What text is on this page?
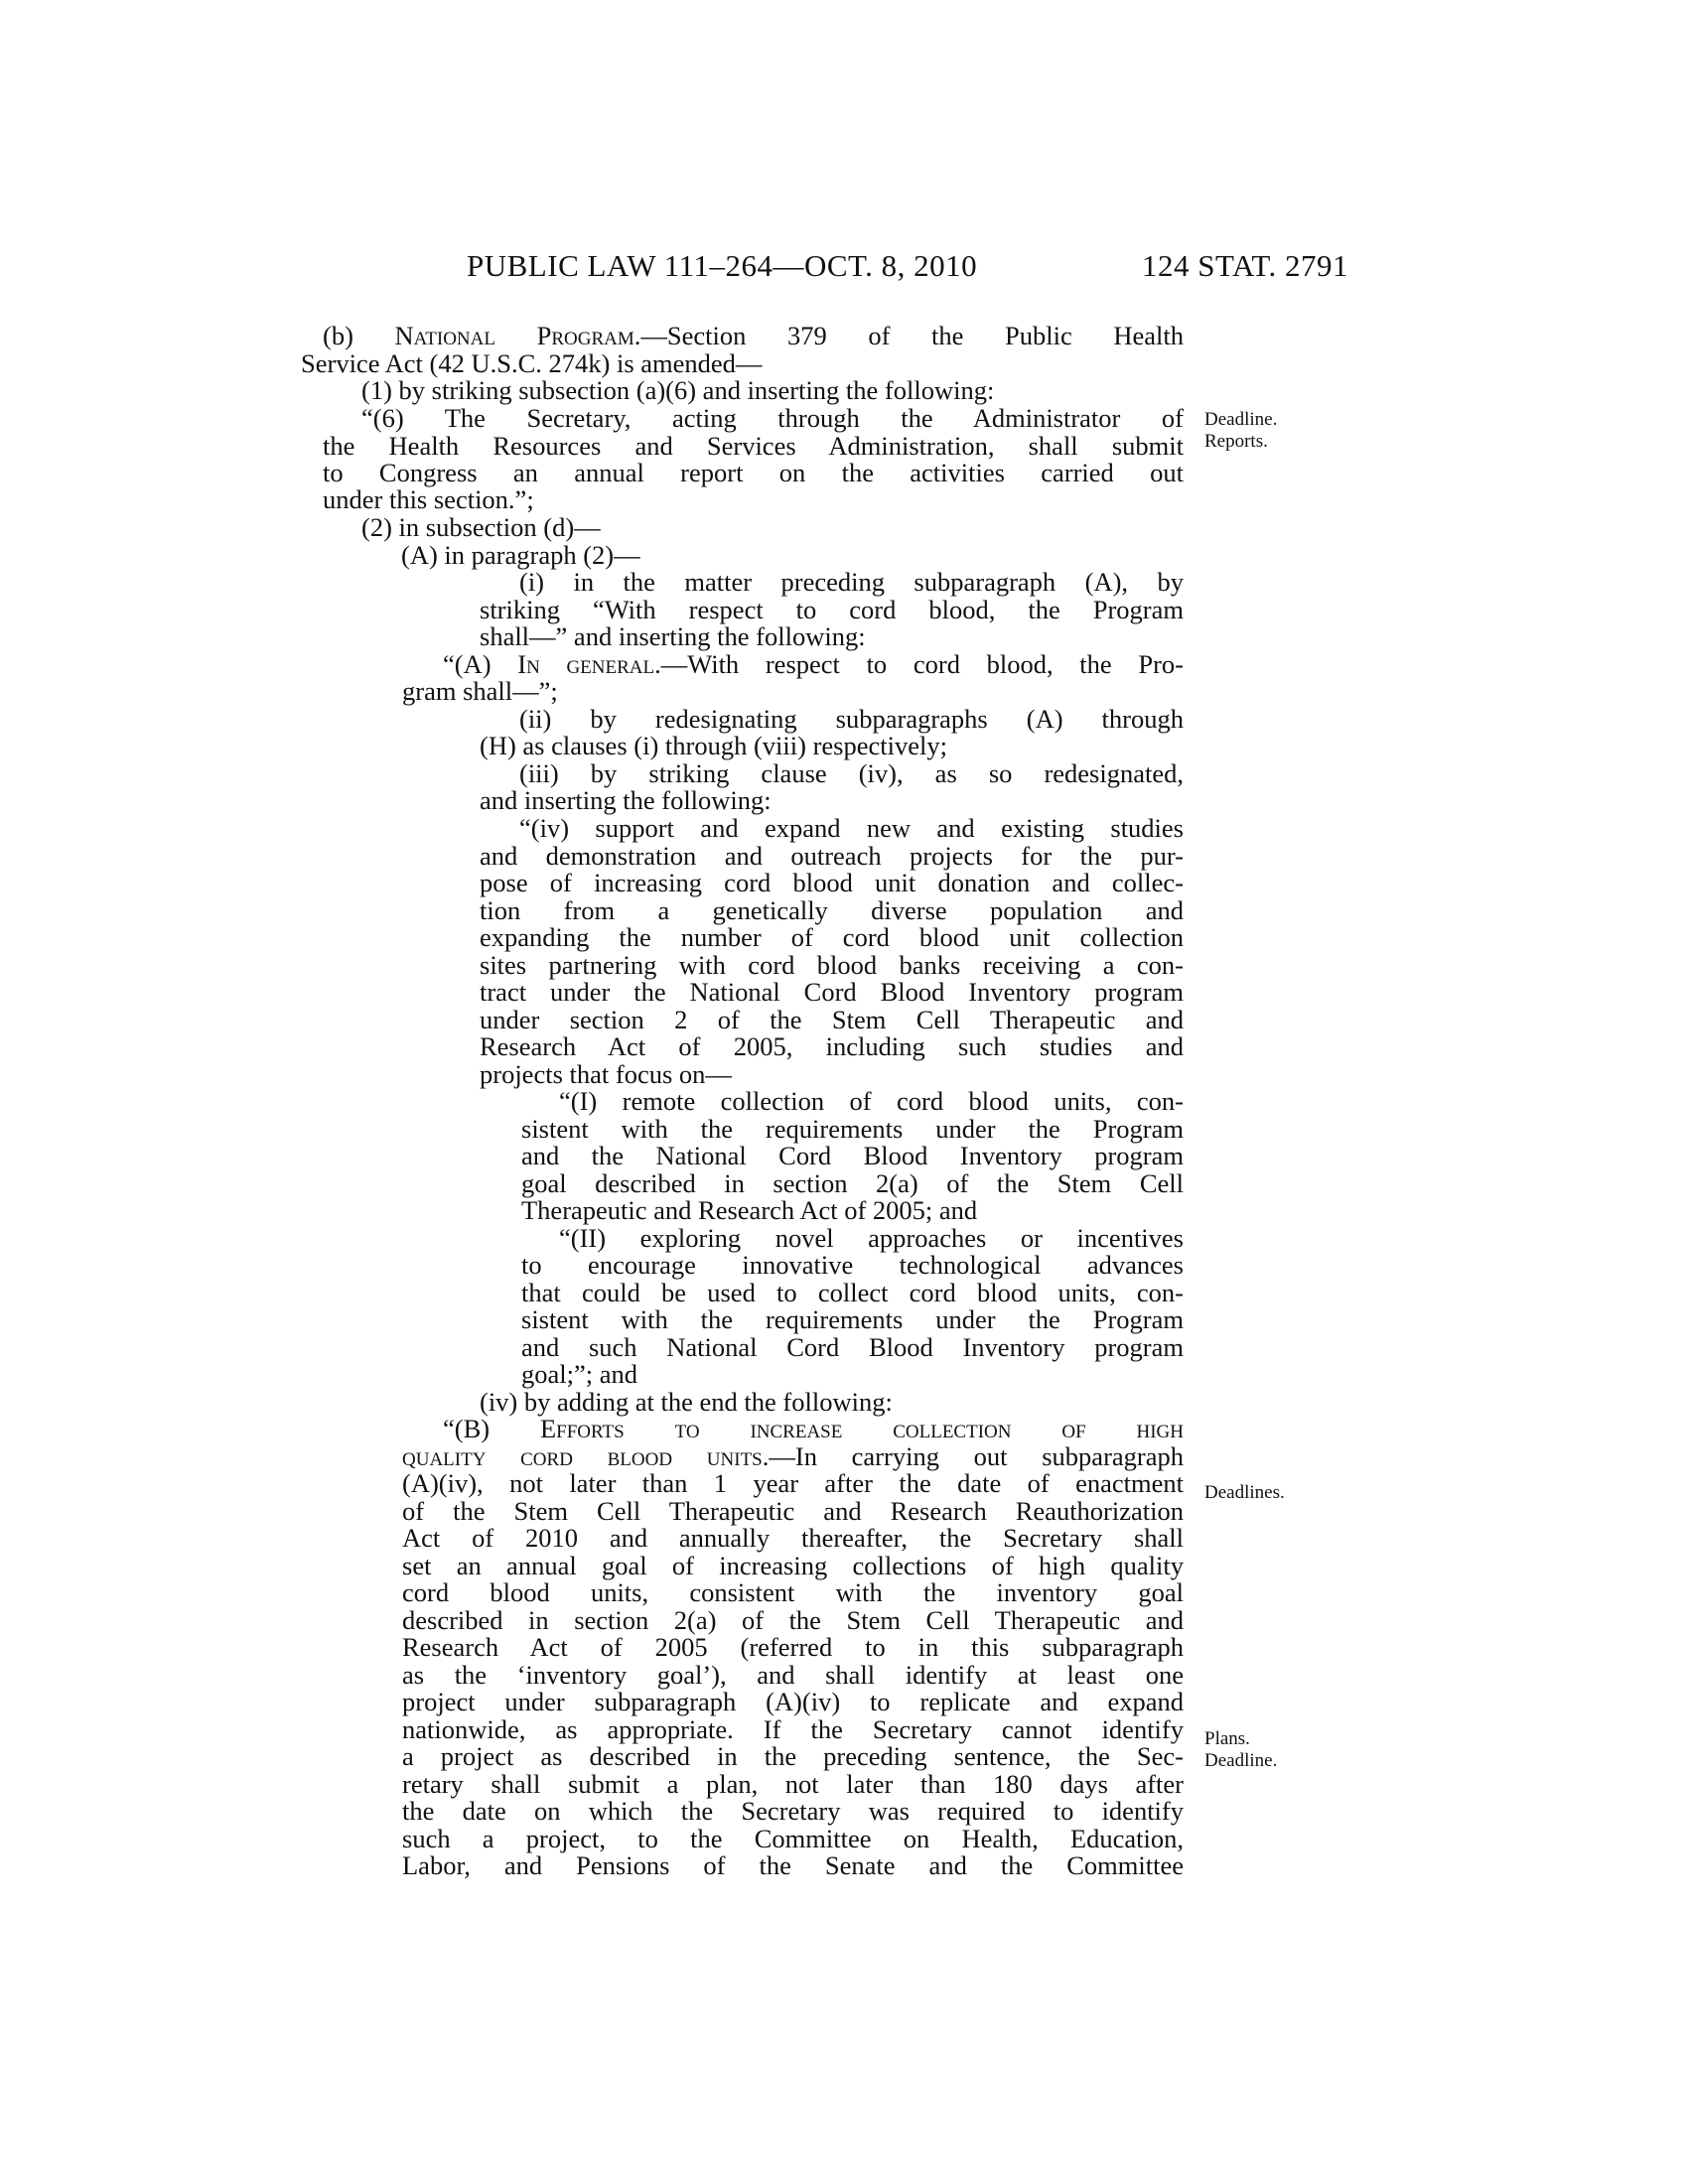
PUBLIC LAW 111–264—OCT. 8, 2010	124 STAT. 2791
Deadline.
Reports.
Deadlines.
Plans.
Deadline.
(b) National Program.—Section 379 of the Public Health
Service Act (42 U.S.C. 274k) is amended—
(1) by striking subsection (a)(6) and inserting the following:
“(6) The Secretary, acting through the Administrator of
the Health Resources and Services Administration, shall submit
to Congress an annual report on the activities carried out
under this section.”;
(2) in subsection (d)—
(A) in paragraph (2)—
(i) in the matter preceding subparagraph (A), by
striking “With respect to cord blood, the Program
shall—” and inserting the following:
“(A) In general.—With respect to cord blood, the Pro-
gram shall—”;
(ii) by redesignating subparagraphs (A) through
(H) as clauses (i) through (viii) respectively;
(iii) by striking clause (iv), as so redesignated,
and inserting the following:
“(iv) support and expand new and existing studies
and demonstration and outreach projects for the pur-
pose of increasing cord blood unit donation and collec-
tion from a genetically diverse population and
expanding the number of cord blood unit collection
sites partnering with cord blood banks receiving a con-
tract under the National Cord Blood Inventory program
under section 2 of the Stem Cell Therapeutic and
Research Act of 2005, including such studies and
projects that focus on—
“(I) remote collection of cord blood units, con-
sistent with the requirements under the Program
and the National Cord Blood Inventory program
goal described in section 2(a) of the Stem Cell
Therapeutic and Research Act of 2005; and
“(II) exploring novel approaches or incentives
to encourage innovative technological advances
that could be used to collect cord blood units, con-
sistent with the requirements under the Program
and such National Cord Blood Inventory program
goal;”; and
(iv) by adding at the end the following:
“(B) Efforts to increase collection of high
quality cord blood units.—In carrying out subparagraph
(A)(iv), not later than 1 year after the date of enactment
of the Stem Cell Therapeutic and Research Reauthorization
Act of 2010 and annually thereafter, the Secretary shall
set an annual goal of increasing collections of high quality
cord blood units, consistent with the inventory goal
described in section 2(a) of the Stem Cell Therapeutic and
Research Act of 2005 (referred to in this subparagraph
as the ‘inventory goal’), and shall identify at least one
project under subparagraph (A)(iv) to replicate and expand
nationwide, as appropriate. If the Secretary cannot identify
a project as described in the preceding sentence, the Sec-
retary shall submit a plan, not later than 180 days after
the date on which the Secretary was required to identify
such a project, to the Committee on Health, Education,
Labor, and Pensions of the Senate and the Committee
